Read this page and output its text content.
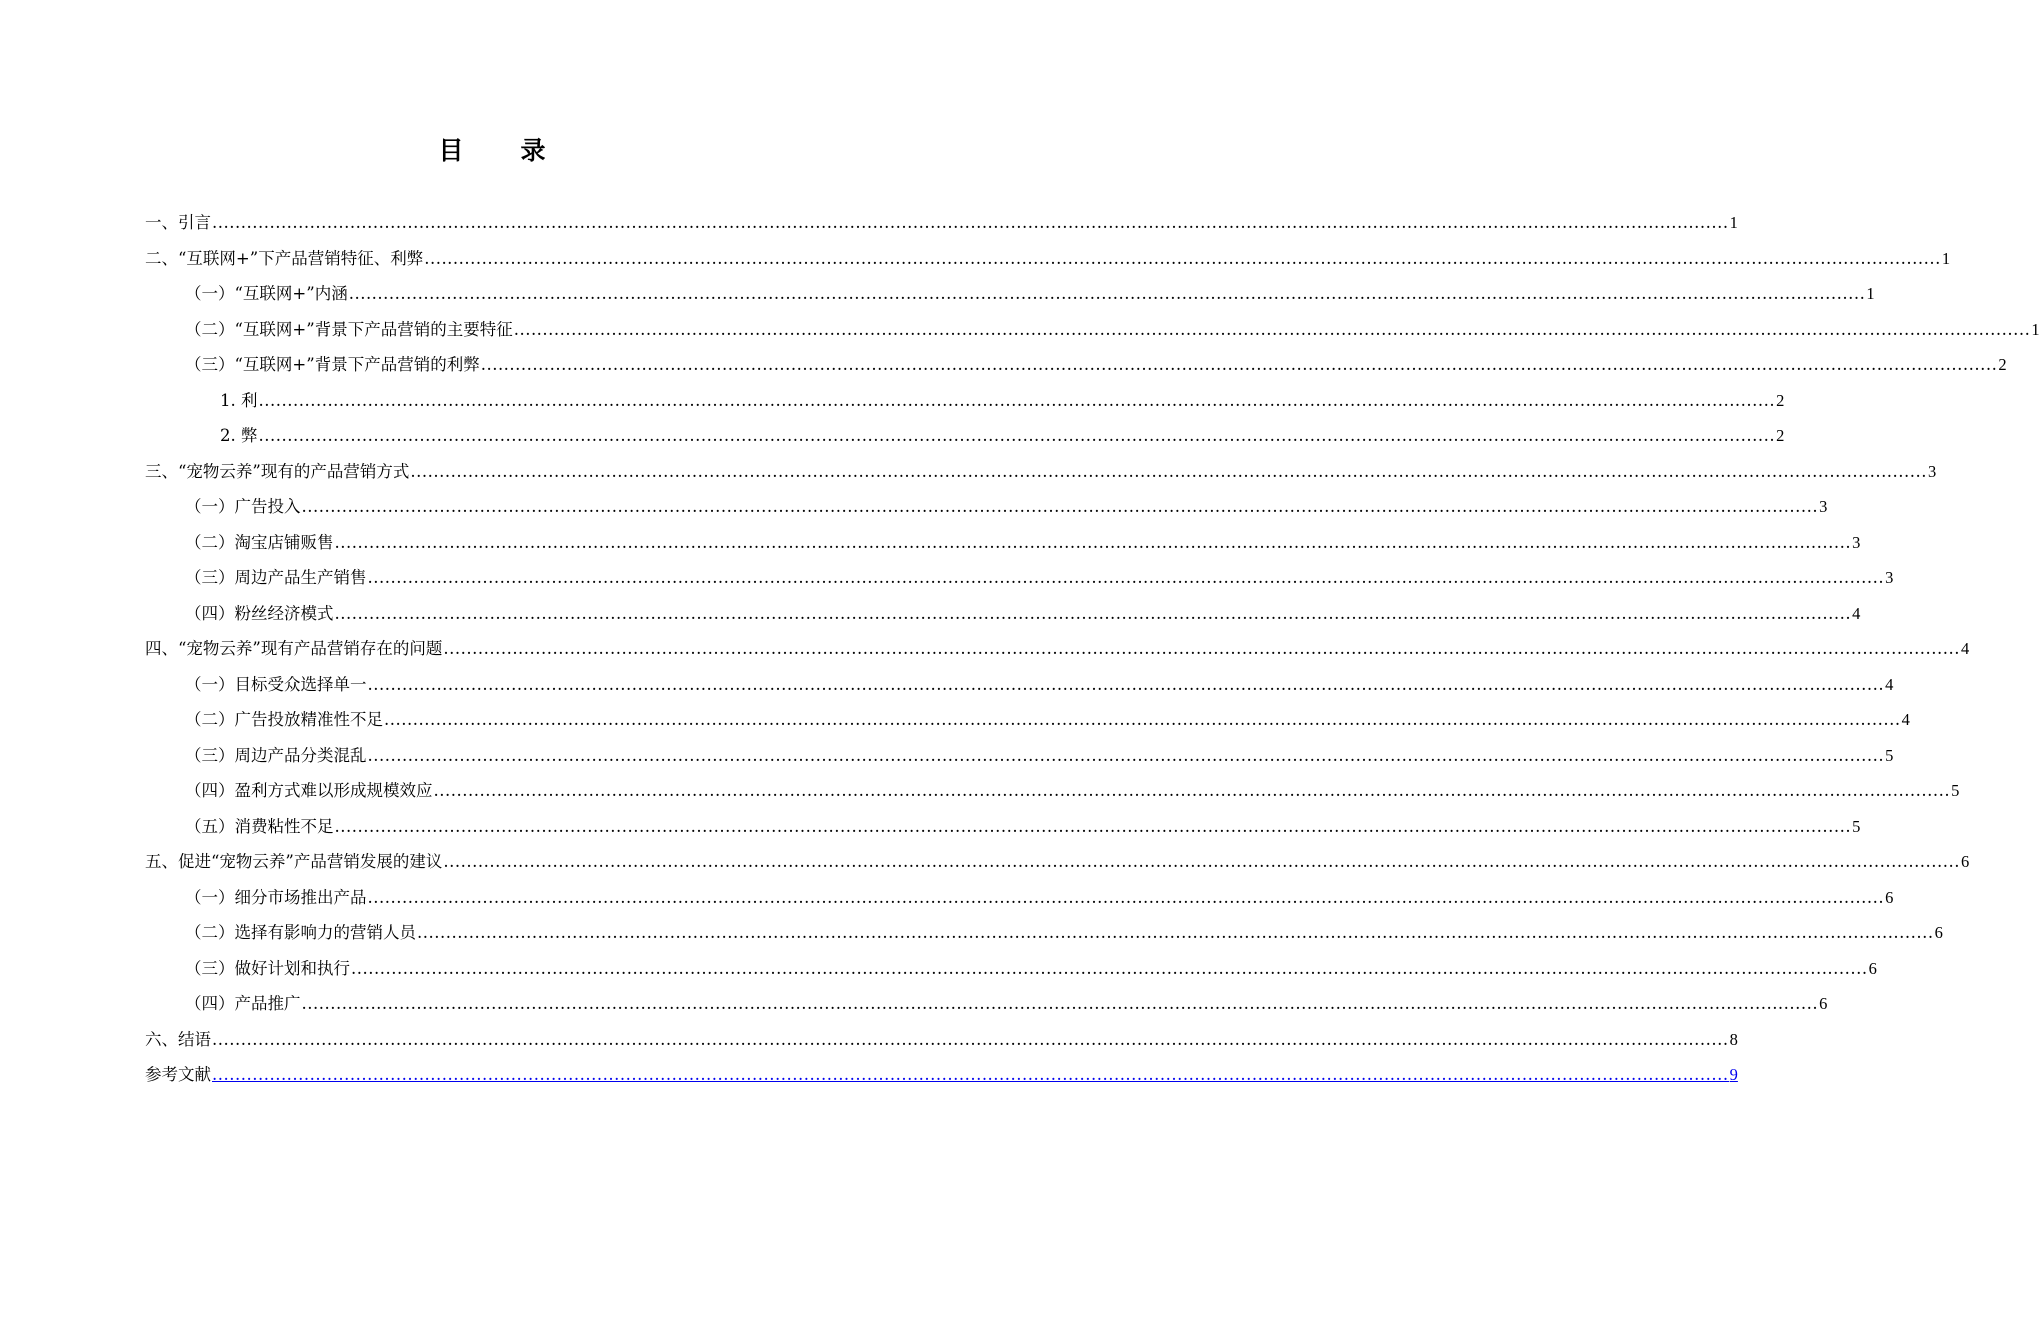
目　录
一、引言 .....	1
二、“互联网+”下产品营销特征、利弊 .....	1
（一）“互联网+”内涵 .....	1
（二）“互联网+”背景下产品营销的主要特征 .....	1
（三）“互联网+”背景下产品营销的利弊 .....	2
1. 利 .....	2
2. 弊 .....	2
三、“宠物云养”现有的产品营销方式 .....	3
（一）广告投入 .....	3
（二）淘宝店铺贩售 .....	3
（三）周边产品生产销售 .....	3
（四）粉丝经济模式 .....	4
四、“宠物云养”现有产品营销存在的问题 .....	4
（一）目标受众选择单一 .....	4
（二）广告投放精准性不足 .....	4
（三）周边产品分类混乱 .....	5
（四）盈利方式难以形成规模效应 .....	5
（五）消费粘性不足 .....	5
五、促进“宠物云养”产品营销发展的建议 .....	6
（一）细分市场推出产品 .....	6
（二）选择有影响力的营销人员 .....	6
（三）做好计划和执行 .....	6
（四）产品推广 .....	6
六、结语 .....	8
参考文献 .....	9
